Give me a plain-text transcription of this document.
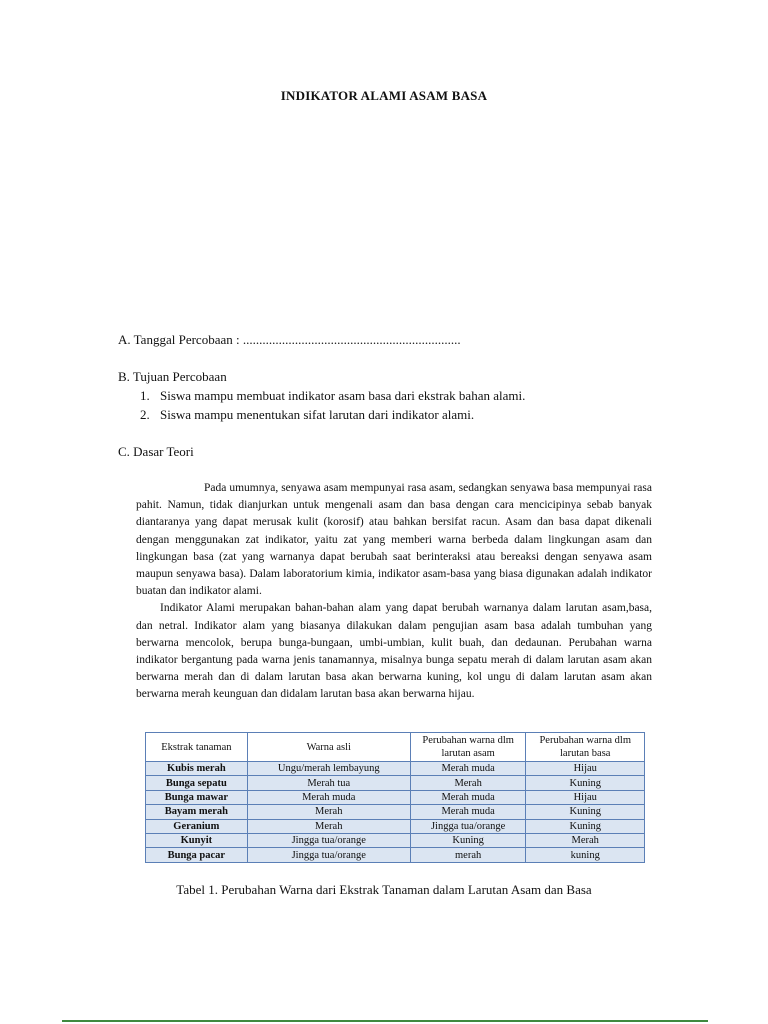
INDIKATOR ALAMI ASAM BASA
A. Tanggal Percobaan : ...................................................................
B. Tujuan Percobaan
1. Siswa mampu membuat indikator asam basa dari ekstrak bahan alami.
2. Siswa mampu menentukan sifat larutan dari indikator alami.
C. Dasar Teori

Pada umumnya, senyawa asam mempunyai rasa asam, sedangkan senyawa basa mempunyai rasa pahit. Namun, tidak dianjurkan untuk mengenali asam dan basa dengan cara mencicipinya sebab banyak diantaranya yang dapat merusak kulit (korosif) atau bahkan bersifat racun. Asam dan basa dapat dikenali dengan menggunakan zat indikator, yaitu zat yang memberi warna berbeda dalam lingkungan asam dan lingkungan basa (zat yang warnanya dapat berubah saat berinteraksi atau bereaksi dengan senyawa asam maupun senyawa basa). Dalam laboratorium kimia, indikator asam-basa yang biasa digunakan adalah indikator buatan dan indikator alami.

Indikator Alami merupakan bahan-bahan alam yang dapat berubah warnanya dalam larutan asam,basa, dan netral. Indikator alam yang biasanya dilakukan dalam pengujian asam basa adalah tumbuhan yang berwarna mencolok, berupa bunga-bungaan, umbi-umbian, kulit buah, dan dedaunan. Perubahan warna indikator bergantung pada warna jenis tanamannya, misalnya bunga sepatu merah di dalam larutan asam akan berwarna merah dan di dalam larutan basa akan berwarna kuning, kol ungu di dalam larutan asam akan berwarna merah keunguan dan didalam larutan basa akan berwarna hijau.

Ekstrak tanaman	Warna asli	Perubahan warna dlm larutan asam	Perubahan warna dlm larutan basa
Kubis merah	Ungu/merah lembayung	Merah muda	Hijau
Bunga sepatu	Merah tua	Merah	Kuning
Bunga mawar	Merah muda	Merah muda	Hijau
Bayam merah	Merah	Merah muda	Kuning
Geranium	Merah	Jingga tua/orange	Kuning
Kunyit	Jingga tua/orange	Kuning	Merah
Bunga pacar	Jingga tua/orange	merah	kuning
Tabel 1. Perubahan Warna dari Ekstrak Tanaman dalam Larutan Asam dan Basa
